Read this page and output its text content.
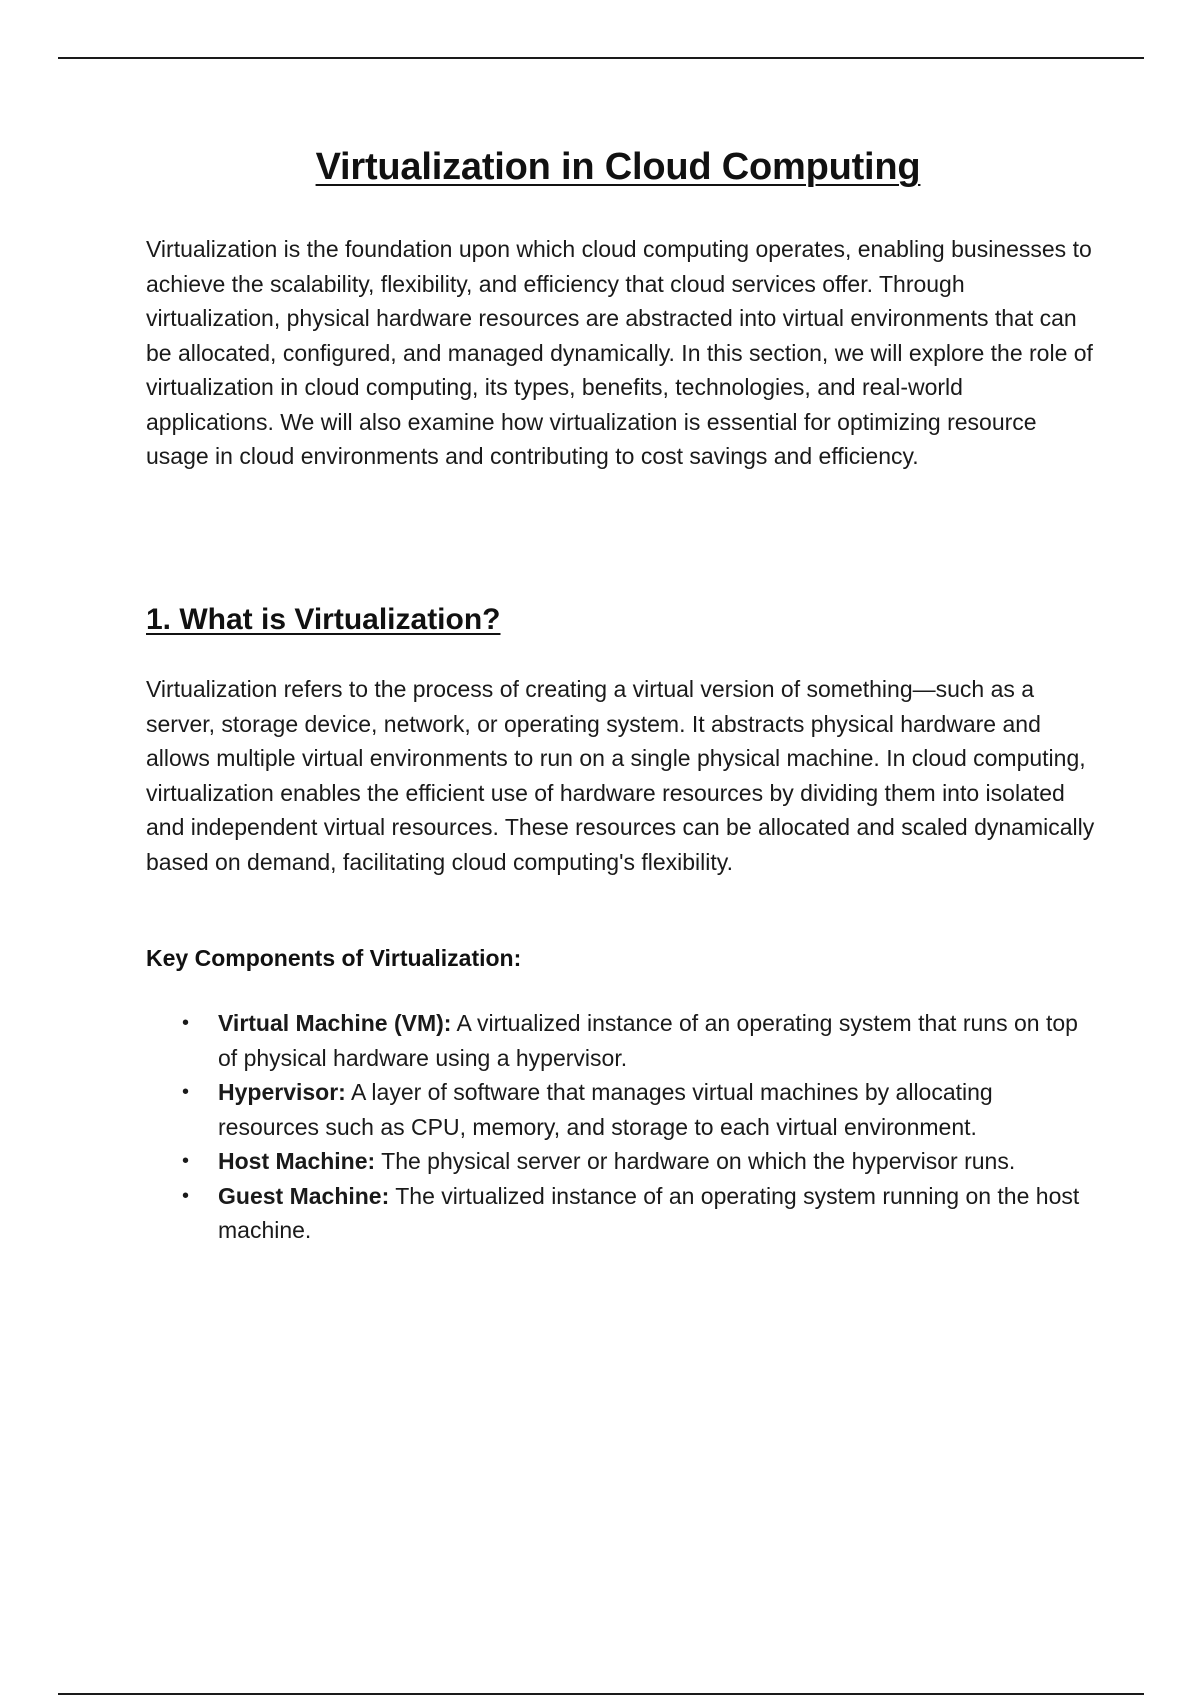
Virtualization in Cloud Computing

Virtualization is the foundation upon which cloud computing operates, enabling businesses to achieve the scalability, flexibility, and efficiency that cloud services offer. Through virtualization, physical hardware resources are abstracted into virtual environments that can be allocated, configured, and managed dynamically. In this section, we will explore the role of virtualization in cloud computing, its types, benefits, technologies, and real-world applications. We will also examine how virtualization is essential for optimizing resource usage in cloud environments and contributing to cost savings and efficiency.

1. What is Virtualization?

Virtualization refers to the process of creating a virtual version of something—such as a server, storage device, network, or operating system. It abstracts physical hardware and allows multiple virtual environments to run on a single physical machine. In cloud computing, virtualization enables the efficient use of hardware resources by dividing them into isolated and independent virtual resources. These resources can be allocated and scaled dynamically based on demand, facilitating cloud computing's flexibility.

Key Components of Virtualization:

• Virtual Machine (VM): A virtualized instance of an operating system that runs on top of physical hardware using a hypervisor.
• Hypervisor: A layer of software that manages virtual machines by allocating resources such as CPU, memory, and storage to each virtual environment.
• Host Machine: The physical server or hardware on which the hypervisor runs.
• Guest Machine: The virtualized instance of an operating system running on the host machine.
